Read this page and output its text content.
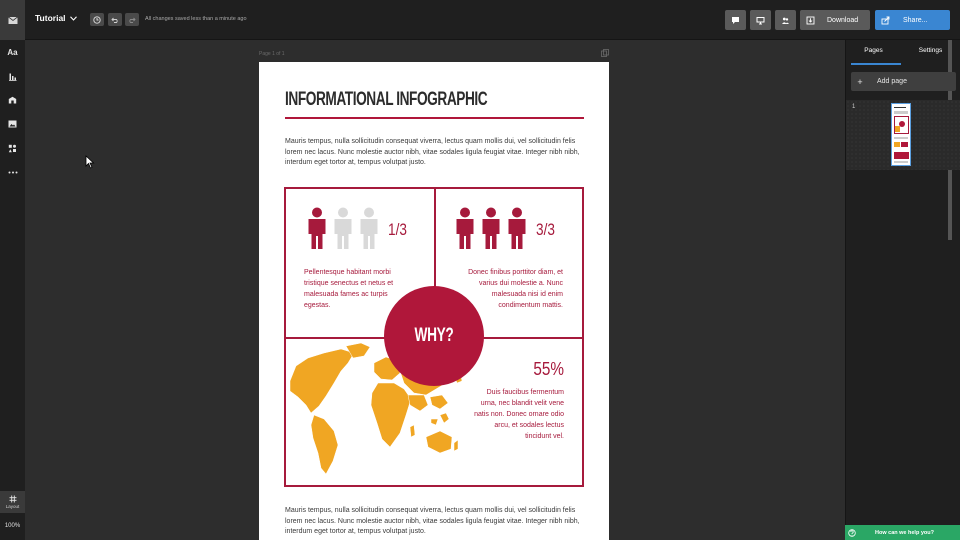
Tutorial	All changes saved less than a minute ago	Download	Share...
Aa
Layout
100%
Page 1 of 1
INFORMATIONAL INFOGRAPHIC
Mauris tempus, nulla sollicitudin consequat viverra, lectus quam mollis dui, vel sollicitudin felis lorem nec lacus. Nunc molestie auctor nibh, vitae sodales ligula feugiat vitae. Integer nibh nibh, interdum eget tortor at, tempus volutpat justo.
1/3
Pellentesque habitant morbi tristique senectus et netus et malesuada fames ac turpis egestas.
3/3
Donec finibus porttitor diam, et varius dui molestie a. Nunc malesuada nisi id enim condimentum mattis.
55%
Duis faucibus fermentum urna, nec blandit velit vene natis non. Donec ornare odio arcu, et sodales lectus tincidunt vel.
WHY?
Mauris tempus, nulla sollicitudin consequat viverra, lectus quam mollis dui, vel sollicitudin felis lorem nec lacus. Nunc molestie auctor nibh, vitae sodales ligula feugiat vitae. Integer nibh nibh, interdum eget tortor at, tempus volutpat justo.
Pages	Settings
+	Add page
1
How can we help you?
